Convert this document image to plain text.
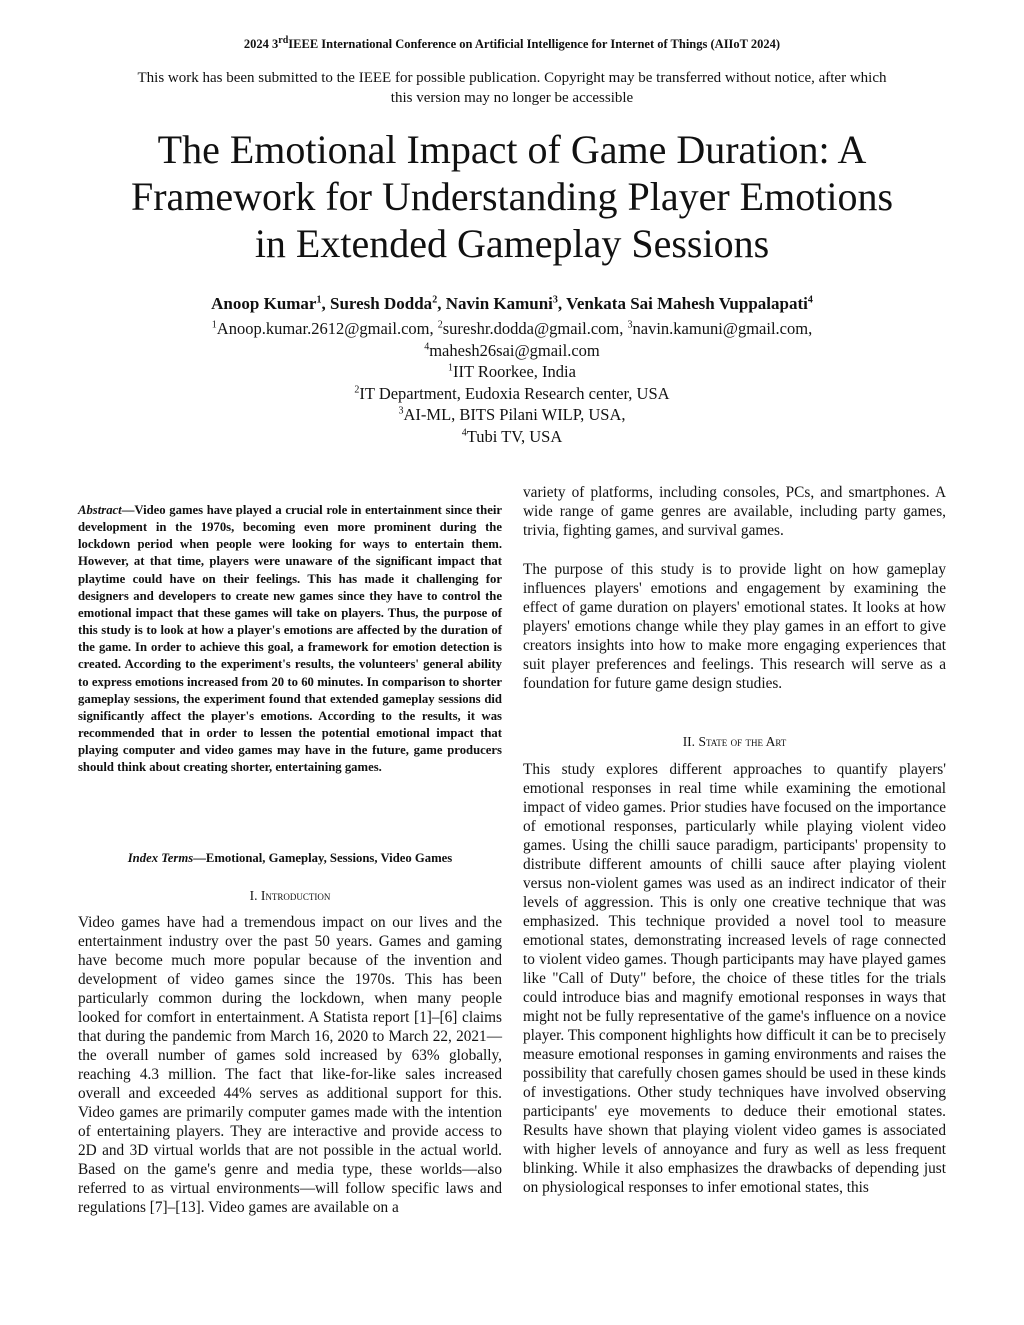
2024 3rdIEEE International Conference on Artificial Intelligence for Internet of Things (AIIoT 2024)
This work has been submitted to the IEEE for possible publication. Copyright may be transferred without notice, after which
this version may no longer be accessible
The Emotional Impact of Game Duration: A
Framework for Understanding Player Emotions
in Extended Gameplay Sessions
Anoop Kumar$^1$, Suresh Dodda$^2$, Navin Kamuni$^3$, Venkata Sai Mahesh Vuppalapati$^4$
$^1$Anoop.kumar.2612@gmail.com, $^2$sureshr.dodda@gmail.com, $^3$navin.kamuni@gmail.com,
$^4$mahesh26sai@gmail.com
$^1$IIT Roorkee, India
$^2$IT Department, Eudoxia Research center, USA
$^3$AI-ML, BITS Pilani WILP, USA,
$^4$Tubi TV, USA
Abstract—Video games have played a crucial role in entertainment since their development in the 1970s, becoming even more prominent during the lockdown period when people were looking for ways to entertain them. However, at that time, players were unaware of the significant impact that playtime could have on their feelings. This has made it challenging for designers and developers to create new games since they have to control the emotional impact that these games will take on players. Thus, the purpose of this study is to look at how a player's emotions are affected by the duration of the game. In order to achieve this goal, a framework for emotion detection is created. According to the experiment's results, the volunteers' general ability to express emotions increased from 20 to 60 minutes. In comparison to shorter gameplay sessions, the experiment found that extended gameplay sessions did significantly affect the player's emotions. According to the results, it was recommended that in order to lessen the potential emotional impact that playing computer and video games may have in the future, game producers should think about creating shorter, entertaining games.
Index Terms—Emotional, Gameplay, Sessions, Video Games
I. Introduction

Video games have had a tremendous impact on our lives and the entertainment industry over the past 50 years. Games and gaming have become much more popular because of the invention and development of video games since the 1970s. This has been particularly common during the lockdown, when many people looked for comfort in entertainment. A Statista report [1]–[6] claims that during the pandemic from March 16, 2020 to March 22, 2021—the overall number of games sold increased by 63% globally, reaching 4.3 million. The fact that like-for-like sales increased overall and exceeded 44% serves as additional support for this. Video games are primarily computer games made with the intention of entertaining players. They are interactive and provide access to 2D and 3D virtual worlds that are not possible in the actual world. Based on the game's genre and media type, these worlds—also referred to as virtual environments—will follow specific laws and regulations [7]–[13]. Video games are available on a

variety of platforms, including consoles, PCs, and smartphones. A wide range of game genres are available, including party games, trivia, fighting games, and survival games.

The purpose of this study is to provide light on how gameplay influences players' emotions and engagement by examining the effect of game duration on players' emotional states. It looks at how players' emotions change while they play games in an effort to give creators insights into how to make more engaging experiences that suit player preferences and feelings. This research will serve as a foundation for future game design studies.

II. State of the Art

This study explores different approaches to quantify players' emotional responses in real time while examining the emotional impact of video games. Prior studies have focused on the importance of emotional responses, particularly while playing violent video games. Using the chilli sauce paradigm, participants' propensity to distribute different amounts of chilli sauce after playing violent versus non-violent games was used as an indirect indicator of their levels of aggression. This is only one creative technique that was emphasized. This technique provided a novel tool to measure emotional states, demonstrating increased levels of rage connected to violent video games. Though participants may have played games like "Call of Duty" before, the choice of these titles for the trials could introduce bias and magnify emotional responses in ways that might not be fully representative of the game's influence on a novice player. This component highlights how difficult it can be to precisely measure emotional responses in gaming environments and raises the possibility that carefully chosen games should be used in these kinds of investigations. Other study techniques have involved observing participants' eye movements to deduce their emotional states. Results have shown that playing violent video games is associated with higher levels of annoyance and fury as well as less frequent blinking. While it also emphasizes the drawbacks of depending just on physiological responses to infer emotional states, this
